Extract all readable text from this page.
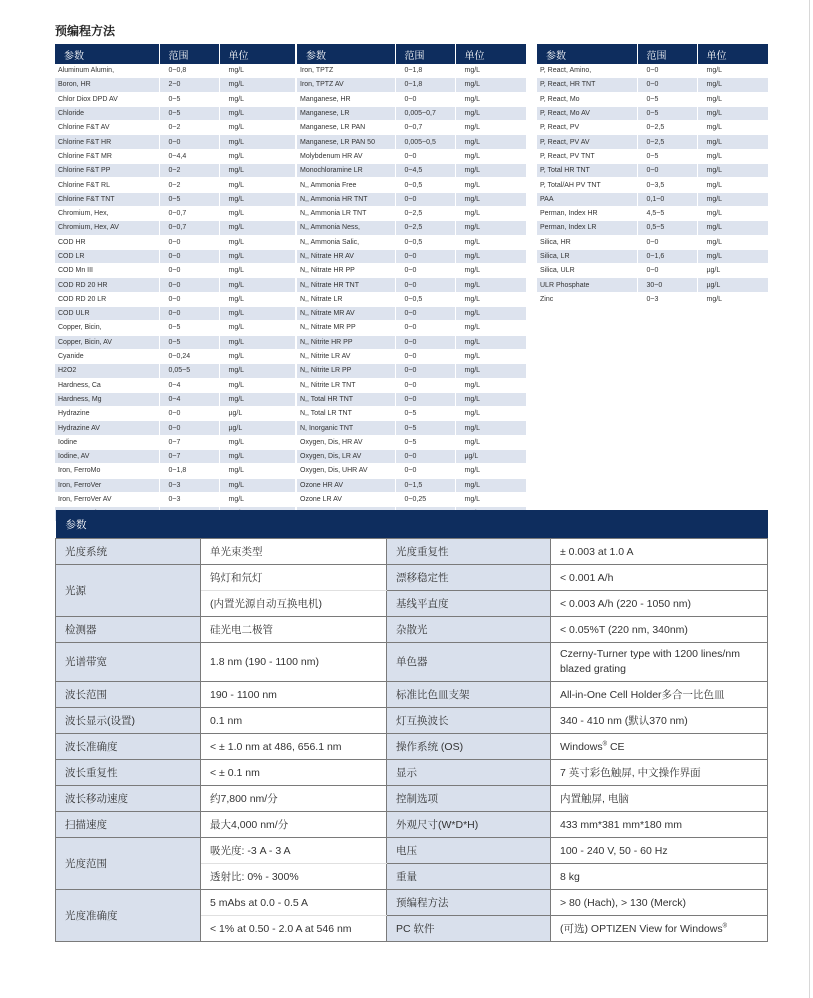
预编程方法
参数	范围	单位
Aluminum Alumin,	0~0,8	mg/L
Boron, HR	2~0	mg/L
Chlor Diox DPD AV	0~5	mg/L
Chloride	0~5	mg/L
Chlorine F&T AV	0~2	mg/L
Chlorine F&T HR	0~0	mg/L
Chlorine F&T MR	0~4,4	mg/L
Chlorine F&T PP	0~2	mg/L
Chlorine F&T RL	0~2	mg/L
Chlorine F&T TNT	0~5	mg/L
Chromium, Hex,	0~0,7	mg/L
Chromium, Hex, AV	0~0,7	mg/L
COD HR	0~0	mg/L
COD LR	0~0	mg/L
COD Mn III	0~0	mg/L
COD RD 20 HR	0~0	mg/L
COD RD 20 LR	0~0	mg/L
COD ULR	0~0	mg/L
Copper, Bicin,	0~5	mg/L
Copper, Bicin, AV	0~5	mg/L
Cyanide	0~0,24	mg/L
H2O2	0,05~5	mg/L
Hardness, Ca	0~4	mg/L
Hardness, Mg	0~4	mg/L
Hydrazine	0~0	µg/L
Hydrazine AV	0~0	µg/L
Iodine	0~7	mg/L
Iodine, AV	0~7	mg/L
Iron, FerroMo	0~1,8	mg/L
Iron, FerroVer	0~3	mg/L
Iron, FerroVer AV	0~3	mg/L

参数	范围	单位
Iron, TPTZ	0~1,8	mg/L
Iron, TPTZ AV	0~1,8	mg/L
Manganese, HR	0~0	mg/L
Manganese, LR	0,005~0,7	mg/L
Manganese, LR PAN	0~0,7	mg/L
Manganese, LR PAN 50	0,005~0,5	mg/L
Molybdenum HR AV	0~0	mg/L
Monochloramine LR	0~4,5	mg/L
N,, Ammonia Free	0~0,5	mg/L
N,, Ammonia HR TNT	0~0	mg/L
N,, Ammonia LR TNT	0~2,5	mg/L
N,, Ammonia Ness,	0~2,5	mg/L
N,, Ammonia Salic,	0~0,5	mg/L
N,, Nitrate HR AV	0~0	mg/L
N,, Nitrate HR PP	0~0	mg/L
N,, Nitrate HR TNT	0~0	mg/L
N,, Nitrate LR	0~0,5	mg/L
N,, Nitrate MR AV	0~0	mg/L
N,, Nitrate MR PP	0~0	mg/L
N,, Nitrite HR PP	0~0	mg/L
N,, Nitrite LR AV	0~0	mg/L
N,, Nitrite LR PP	0~0	mg/L
N,, Nitrite LR TNT	0~0	mg/L
N,, Total HR TNT	0~0	mg/L
N,, Total LR TNT	0~5	mg/L
N, Inorganic TNT	0~5	mg/L
Oxygen, Dis, HR AV	0~5	mg/L
Oxygen, Dis, LR AV	0~0	µg/L
Oxygen, Dis, UHR AV	0~0	mg/L
Ozone HR AV	0~1,5	mg/L
Ozone LR AV	0~0,25	mg/L

参数	范围	单位
P, React, Amino,	0~0	mg/L
P, React, HR TNT	0~0	mg/L
P, React, Mo	0~5	mg/L
P, React, Mo AV	0~5	mg/L
P, React, PV	0~2,5	mg/L
P, React, PV AV	0~2,5	mg/L
P, React, PV TNT	0~5	mg/L
P, Total HR TNT	0~0	mg/L
P, Total/AH PV TNT	0~3,5	mg/L
PAA	0,1~0	mg/L
Perman, Index HR	4,5~5	mg/L
Perman, Index LR	0,5~5	mg/L
Silica, HR	0~0	mg/L
Silica, LR	0~1,6	mg/L
Silica, ULR	0~0	µg/L
ULR Phosphate	30~0	µg/L
Zinc	0~3	mg/L
参数			
光度系统	单光束类型	光度重复性	± 0.003 at 1.0 A
光源	钨灯和氘灯	漂移稳定性	< 0.001 A/h
	(内置光源自动互换电机)	基线平直度	< 0.003 A/h (220 - 1050 nm)
检测器	硅光电二极管	杂散光	< 0.05%T (220 nm, 340nm)
光谱带宽	1.8 nm (190 - 1100 nm)	单色器	Czerny-Turner type with 1200 lines/nm blazed grating
波长范围	190 - 1100 nm	标准比色皿支架	All-in-One Cell Holder多合一比色皿
波长显示(设置)	0.1 nm	灯互换波长	340 - 410 nm (默认370 nm)
波长准确度	< ± 1.0 nm at 486, 656.1 nm	操作系统 (OS)	Windows® CE
波长重复性	< ± 0.1 nm	显示	7 英寸彩色触屏, 中文操作界面
波长移动速度	约7,800 nm/分	控制选项	内置触屏, 电脑
扫描速度	最大4,000 nm/分	外观尺寸(W*D*H)	433 mm*381 mm*180 mm
光度范围	吸光度: -3 A - 3 A	电压	100 - 240 V, 50 - 60 Hz
	透射比: 0% - 300%	重量	8 kg
光度准确度	5 mAbs at 0.0 - 0.5 A	预编程方法	> 80 (Hach), > 130 (Merck)
	< 1% at 0.50 - 2.0 A at 546 nm	PC 软件	(可选) OPTIZEN View for Windows®
